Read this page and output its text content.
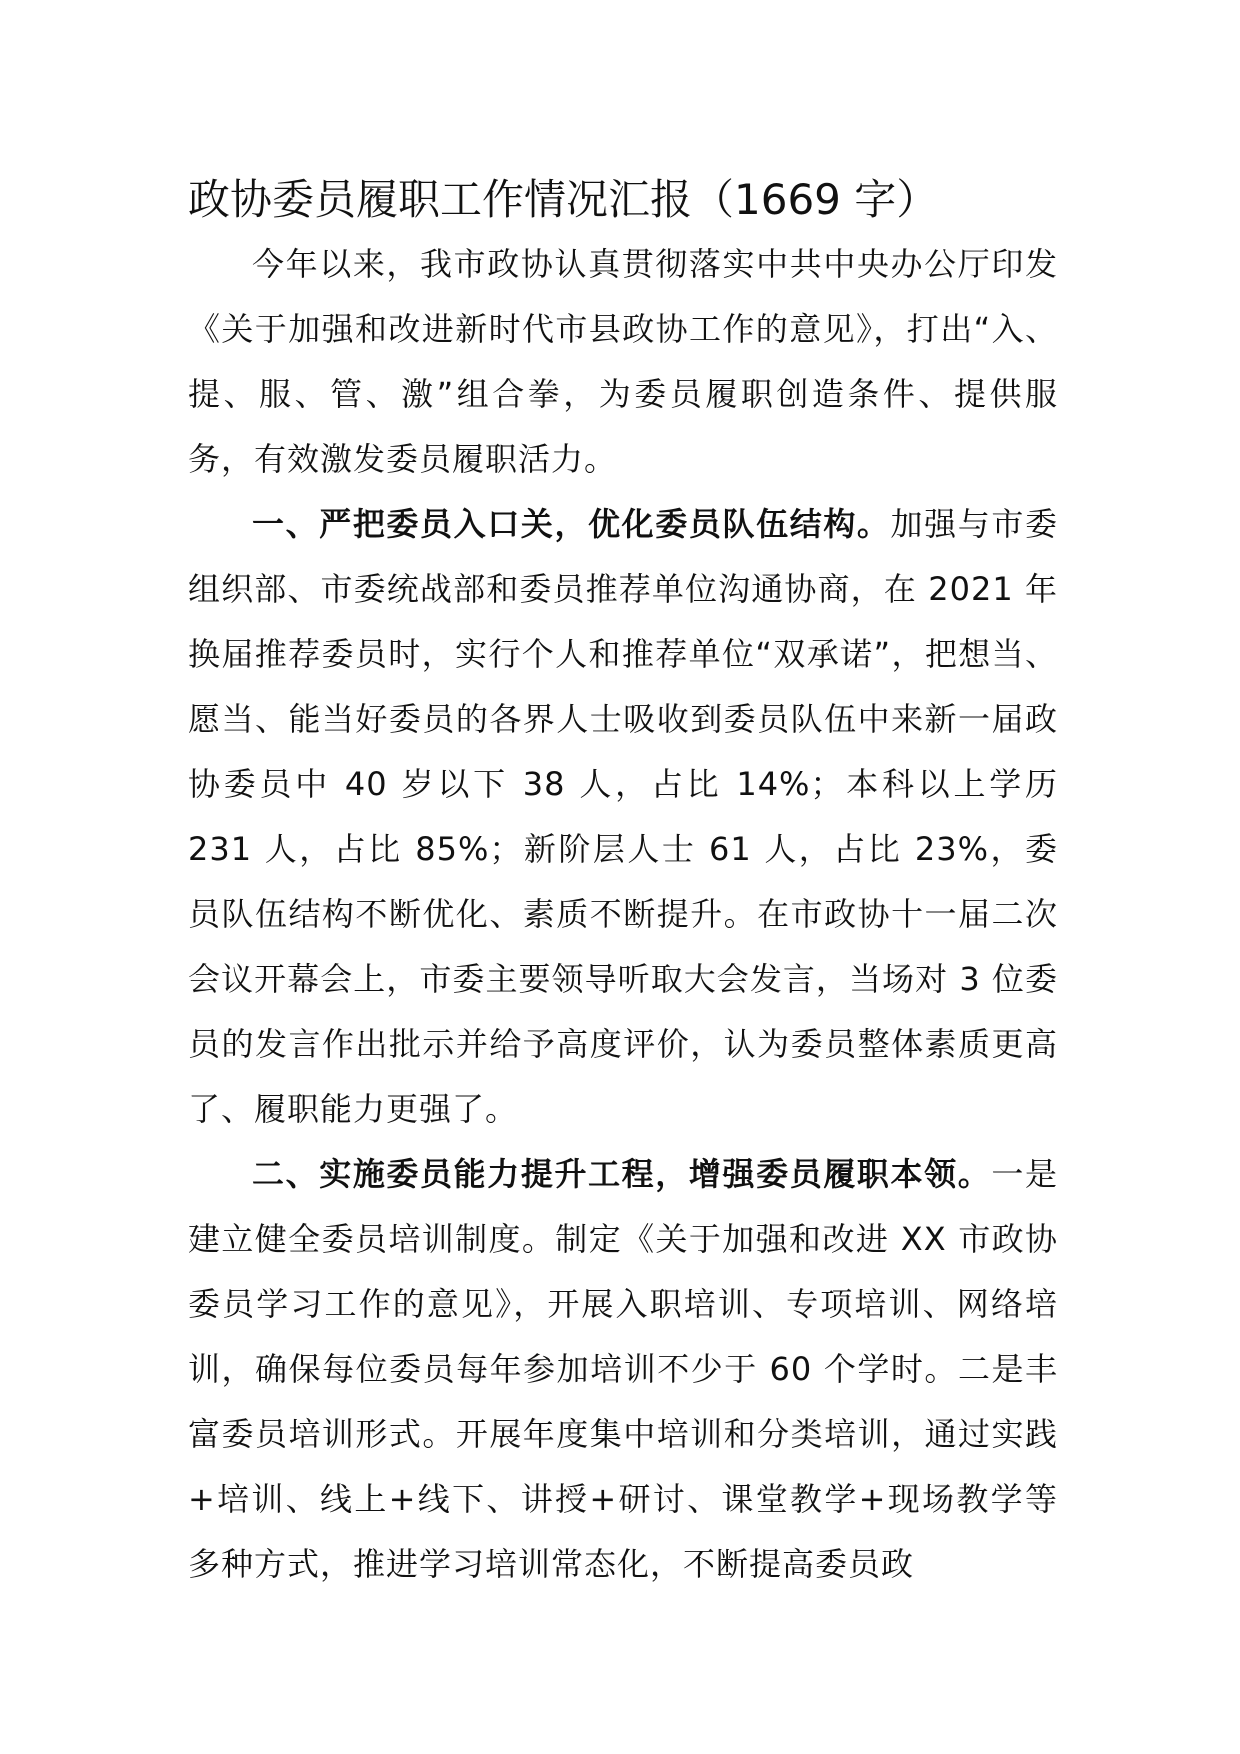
政协委员履职工作情况汇报（1669 字）

今年以来，我市政协认真贯彻落实中共中央办公厅印发《关于加强和改进新时代市县政协工作的意见》，打出“入、提、服、管、激”组合拳，为委员履职创造条件、提供服务，有效激发委员履职活力。

一、严把委员入口关，优化委员队伍结构。加强与市委组织部、市委统战部和委员推荐单位沟通协商，在 2021 年换届推荐委员时，实行个人和推荐单位“双承诺”，把想当、愿当、能当好委员的各界人士吸收到委员队伍中来新一届政协委员中 40 岁以下 38 人，占比 14%；本科以上学历 231 人，占比 85%；新阶层人士 61 人，占比 23%，委员队伍结构不断优化、素质不断提升。在市政协十一届二次会议开幕会上，市委主要领导听取大会发言，当场对 3 位委员的发言作出批示并给予高度评价，认为委员整体素质更高了、履职能力更强了。

二、实施委员能力提升工程，增强委员履职本领。一是建立健全委员培训制度。制定《关于加强和改进 XX 市政协委员学习工作的意见》，开展入职培训、专项培训、网络培训，确保每位委员每年参加培训不少于 60 个学时。二是丰富委员培训形式。开展年度集中培训和分类培训，通过实践+培训、线上+线下、讲授+研讨、课堂教学+现场教学等多种方式，推进学习培训常态化，不断提高委员政
